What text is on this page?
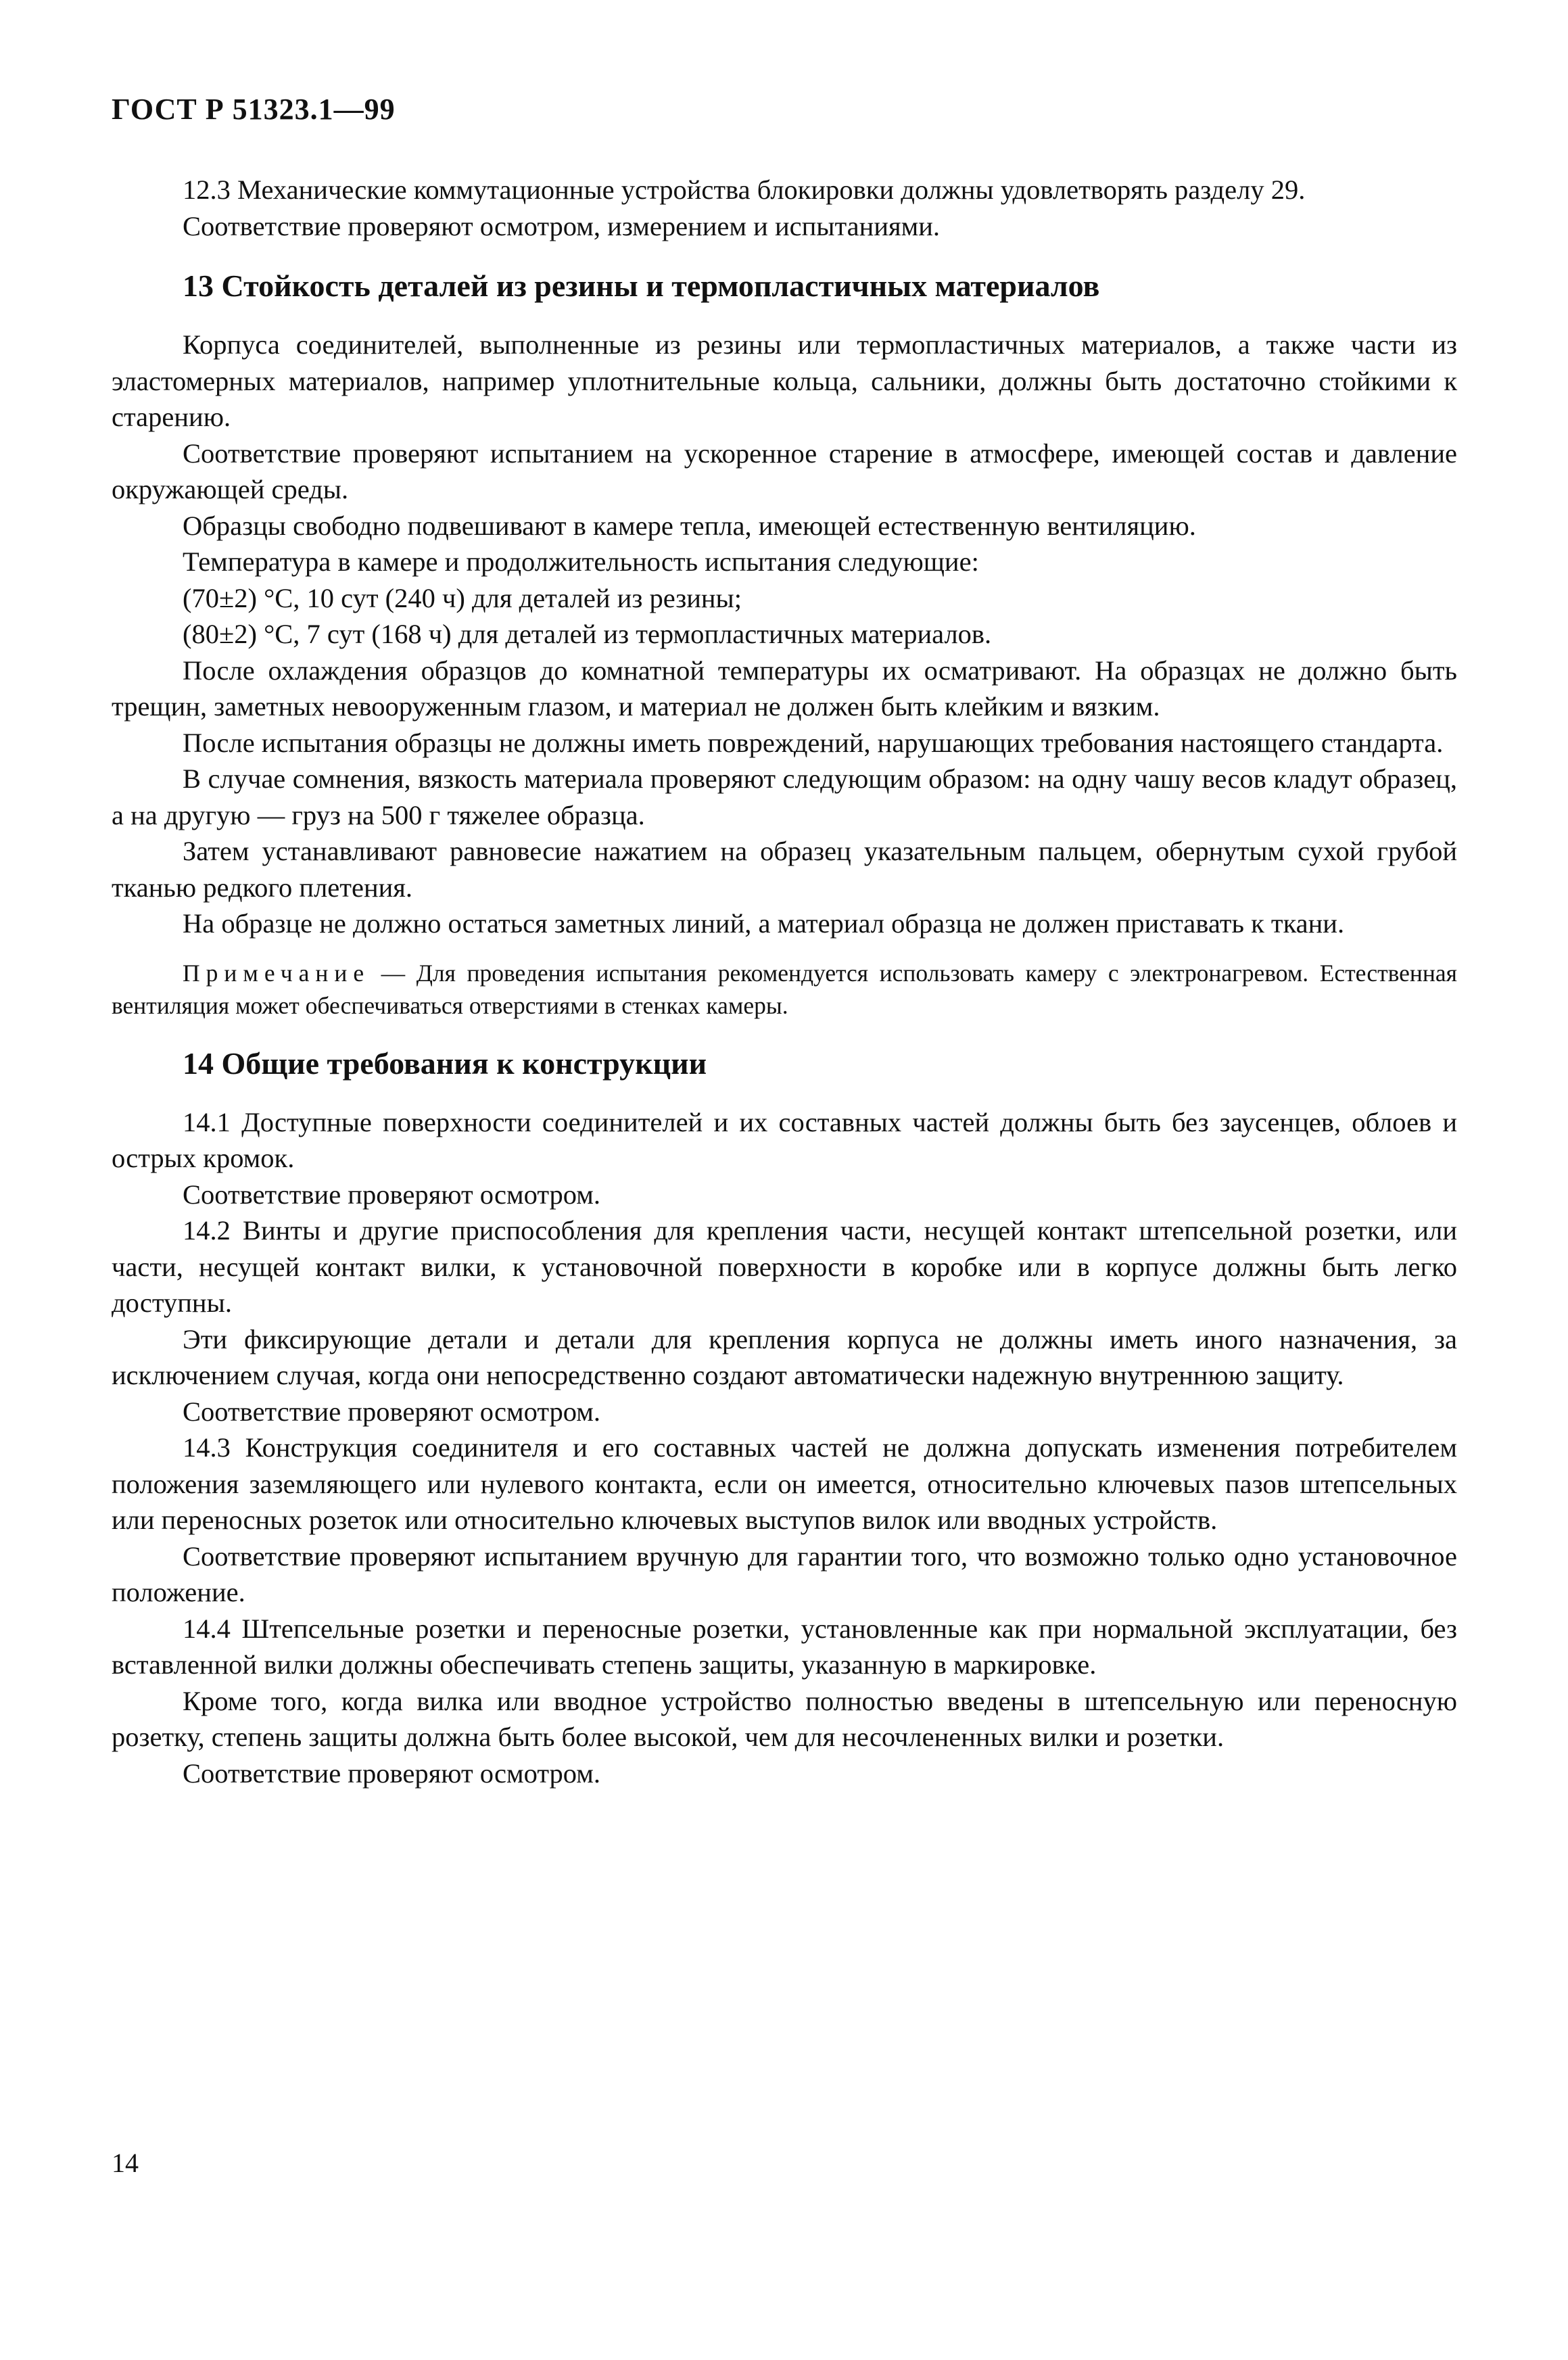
ГОСТ Р 51323.1—99

12.3 Механические коммутационные устройства блокировки должны удовлетворять разделу 29.

Соответствие проверяют осмотром, измерением и испытаниями.

13 Стойкость деталей из резины и термопластичных материалов

Корпуса соединителей, выполненные из резины или термопластичных материалов, а также части из эластомерных материалов, например уплотнительные кольца, сальники, должны быть достаточно стойкими к старению.

Соответствие проверяют испытанием на ускоренное старение в атмосфере, имеющей состав и давление окружающей среды.

Образцы свободно подвешивают в камере тепла, имеющей естественную вентиляцию.

Температура в камере и продолжительность испытания следующие:

(70±2) °С, 10 сут (240 ч) для деталей из резины;

(80±2) °С, 7 сут (168 ч) для деталей из термопластичных материалов.

После охлаждения образцов до комнатной температуры их осматривают. На образцах не должно быть трещин, заметных невооруженным глазом, и материал не должен быть клейким и вязким.

После испытания образцы не должны иметь повреждений, нарушающих требования настоящего стандарта.

В случае сомнения, вязкость материала проверяют следующим образом: на одну чашу весов кладут образец, а на другую — груз на 500 г тяжелее образца.

Затем устанавливают равновесие нажатием на образец указательным пальцем, обернутым сухой грубой тканью редкого плетения.

На образце не должно остаться заметных линий, а материал образца не должен приставать к ткани.

Примечание — Для проведения испытания рекомендуется использовать камеру с электронагревом. Естественная вентиляция может обеспечиваться отверстиями в стенках камеры.

14 Общие требования к конструкции

14.1 Доступные поверхности соединителей и их составных частей должны быть без заусенцев, облоев и острых кромок.

Соответствие проверяют осмотром.

14.2 Винты и другие приспособления для крепления части, несущей контакт штепсельной розетки, или части, несущей контакт вилки, к установочной поверхности в коробке или в корпусе должны быть легко доступны.

Эти фиксирующие детали и детали для крепления корпуса не должны иметь иного назначения, за исключением случая, когда они непосредственно создают автоматически надежную внутреннюю защиту.

Соответствие проверяют осмотром.

14.3 Конструкция соединителя и его составных частей не должна допускать изменения потребителем положения заземляющего или нулевого контакта, если он имеется, относительно ключевых пазов штепсельных или переносных розеток или относительно ключевых выступов вилок или вводных устройств.

Соответствие проверяют испытанием вручную для гарантии того, что возможно только одно установочное положение.

14.4 Штепсельные розетки и переносные розетки, установленные как при нормальной эксплуатации, без вставленной вилки должны обеспечивать степень защиты, указанную в маркировке.

Кроме того, когда вилка или вводное устройство полностью введены в штепсельную или переносную розетку, степень защиты должна быть более высокой, чем для несочлененных вилки и розетки.

Соответствие проверяют осмотром.

14
